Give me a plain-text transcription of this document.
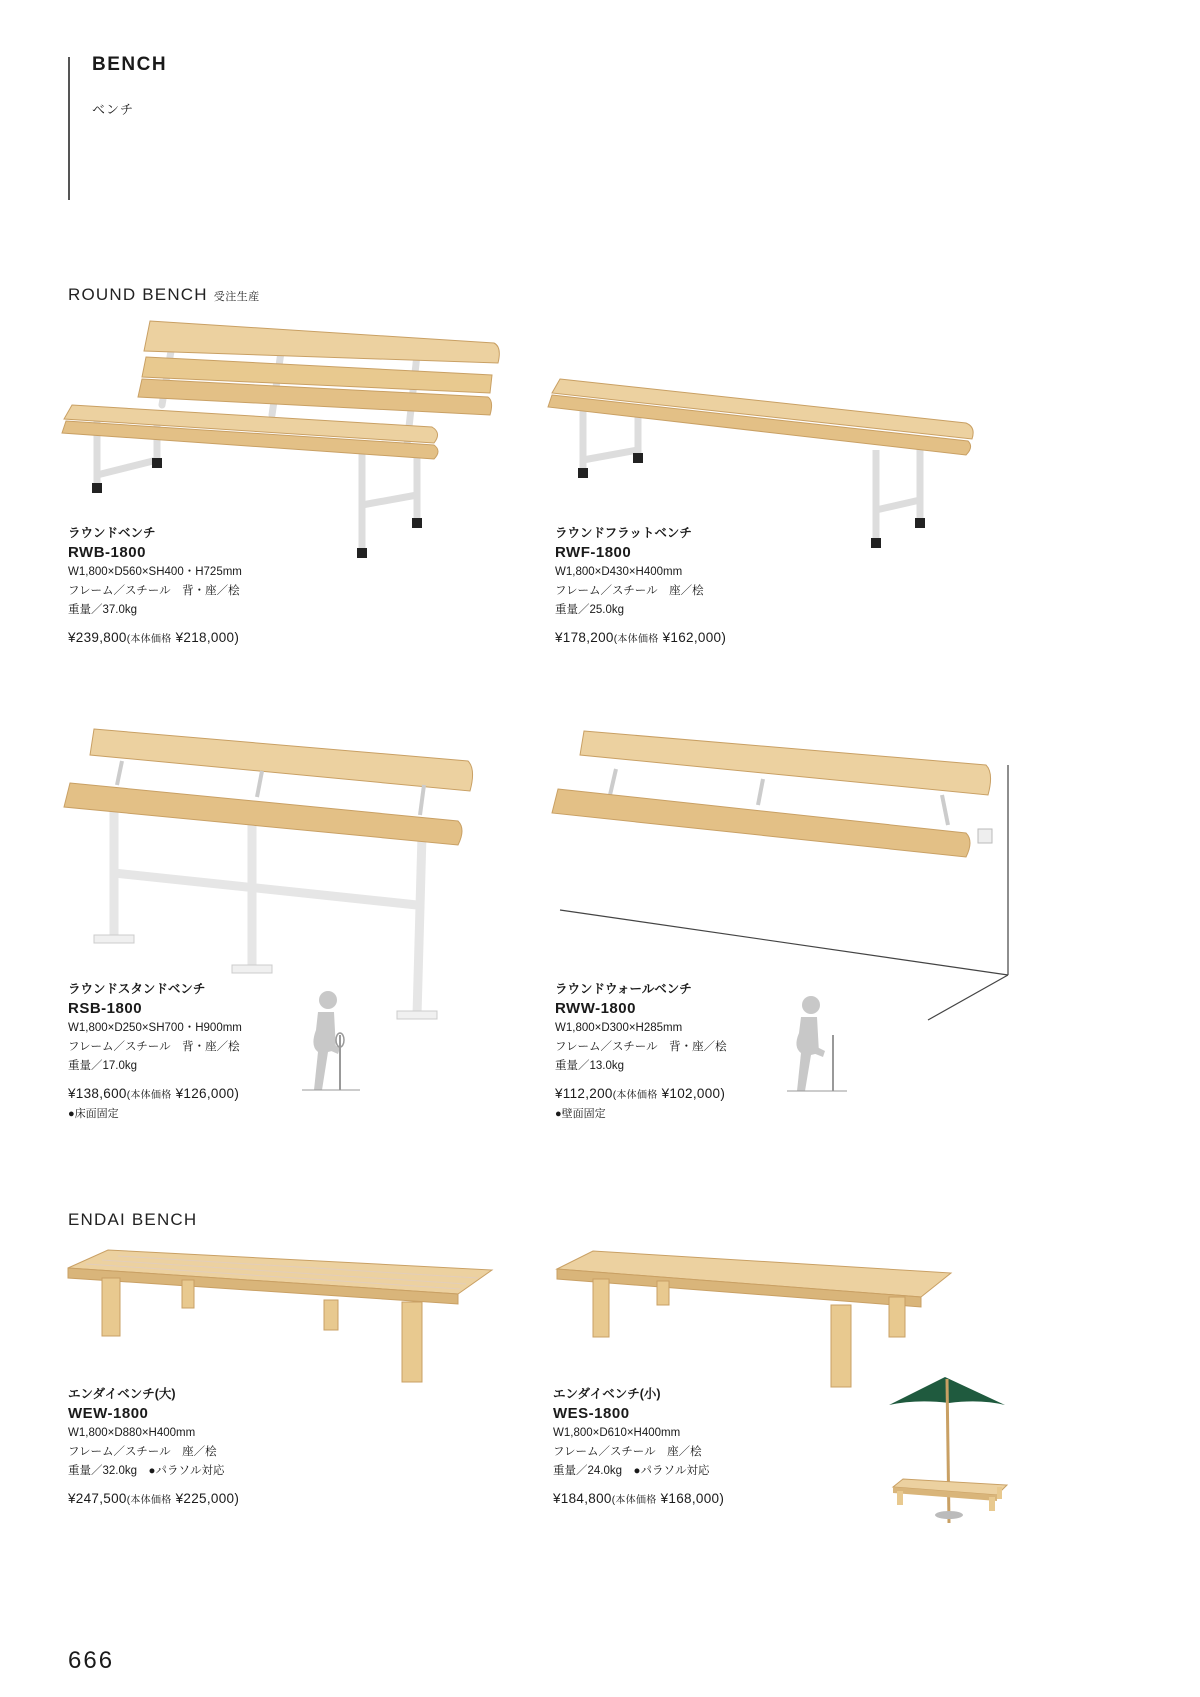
BENCH
ベンチ
ROUND BENCH 受注生産
ラウンドベンチ
RWB-1800
W1,800×D560×SH400・H725mm
フレーム／スチール　背・座／桧
重量／37.0kg
¥239,800(本体価格 ¥218,000)
ラウンドフラットベンチ
RWF-1800
W1,800×D430×H400mm
フレーム／スチール　座／桧
重量／25.0kg
¥178,200(本体価格 ¥162,000)
ラウンドスタンドベンチ
RSB-1800
W1,800×D250×SH700・H900mm
フレーム／スチール　背・座／桧
重量／17.0kg
¥138,600(本体価格 ¥126,000)
●床面固定
ラウンドウォールベンチ
RWW-1800
W1,800×D300×H285mm
フレーム／スチール　背・座／桧
重量／13.0kg
¥112,200(本体価格 ¥102,000)
●壁面固定
ENDAI BENCH
エンダイベンチ(大)
WEW-1800
W1,800×D880×H400mm
フレーム／スチール　座／桧
重量／32.0kg　●パラソル対応
¥247,500(本体価格 ¥225,000)
エンダイベンチ(小)
WES-1800
W1,800×D610×H400mm
フレーム／スチール　座／桧
重量／24.0kg　●パラソル対応
¥184,800(本体価格 ¥168,000)
666
